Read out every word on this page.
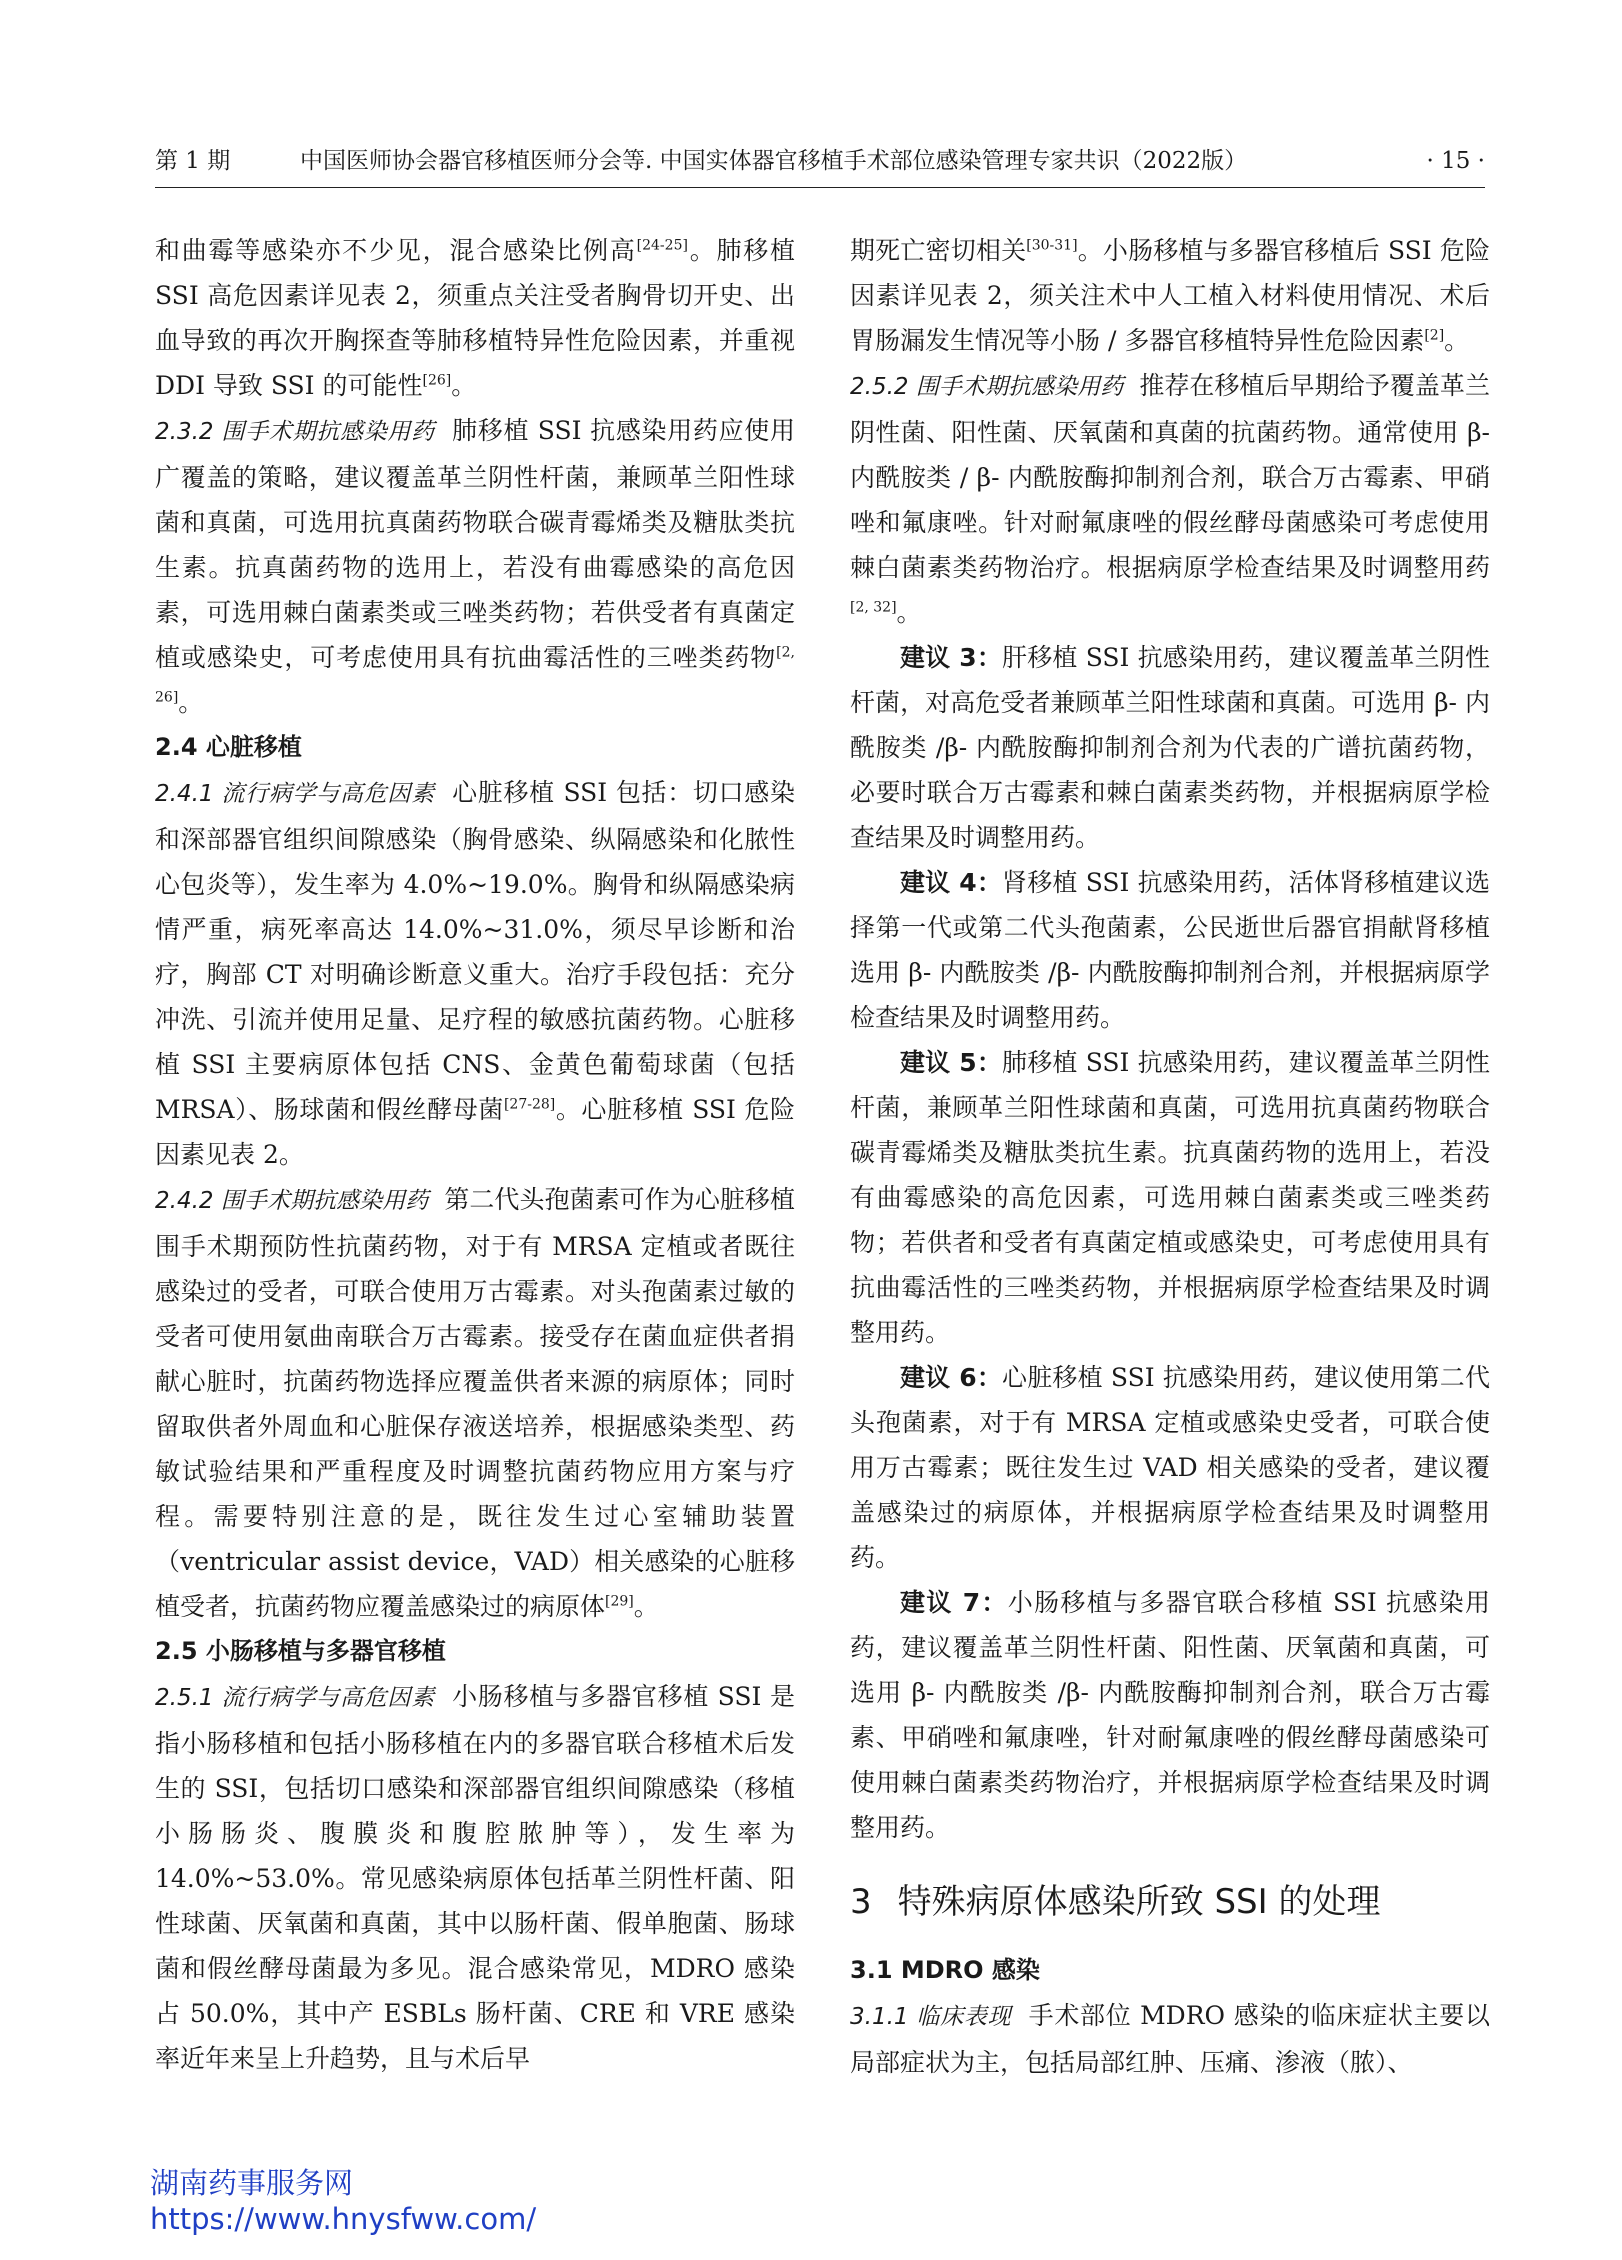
第 1 期	中国医师协会器官移植医师分会等. 中国实体器官移植手术部位感染管理专家共识（2022版）	· 15 ·

和曲霉等感染亦不少见，混合感染比例高[24-25]。肺移植 SSI 高危因素详见表 2，须重点关注受者胸骨切开史、出血导致的再次开胸探查等肺移植特异性危险因素，并重视 DDI 导致 SSI 的可能性[26]。

2.3.2 围手术期抗感染用药 肺移植 SSI 抗感染用药应使用广覆盖的策略，建议覆盖革兰阴性杆菌，兼顾革兰阳性球菌和真菌，可选用抗真菌药物联合碳青霉烯类及糖肽类抗生素。抗真菌药物的选用上，若没有曲霉感染的高危因素，可选用棘白菌素类或三唑类药物；若供受者有真菌定植或感染史，可考虑使用具有抗曲霉活性的三唑类药物[2, 26]。

2.4 心脏移植

2.4.1 流行病学与高危因素 心脏移植 SSI 包括：切口感染和深部器官组织间隙感染（胸骨感染、纵隔感染和化脓性心包炎等），发生率为 4.0%~19.0%。胸骨和纵隔感染病情严重，病死率高达 14.0%~31.0%，须尽早诊断和治疗，胸部 CT 对明确诊断意义重大。治疗手段包括：充分冲洗、引流并使用足量、足疗程的敏感抗菌药物。心脏移植 SSI 主要病原体包括 CNS、金黄色葡萄球菌（包括 MRSA）、肠球菌和假丝酵母菌[27-28]。心脏移植 SSI 危险因素见表 2。

2.4.2 围手术期抗感染用药 第二代头孢菌素可作为心脏移植围手术期预防性抗菌药物，对于有 MRSA 定植或者既往感染过的受者，可联合使用万古霉素。对头孢菌素过敏的受者可使用氨曲南联合万古霉素。接受存在菌血症供者捐献心脏时，抗菌药物选择应覆盖供者来源的病原体；同时留取供者外周血和心脏保存液送培养，根据感染类型、药敏试验结果和严重程度及时调整抗菌药物应用方案与疗程。需要特别注意的是，既往发生过心室辅助装置（ventricular assist device，VAD）相关感染的心脏移植受者，抗菌药物应覆盖感染过的病原体[29]。

2.5 小肠移植与多器官移植

2.5.1 流行病学与高危因素 小肠移植与多器官移植 SSI 是指小肠移植和包括小肠移植在内的多器官联合移植术后发生的 SSI，包括切口感染和深部器官组织间隙感染（移植小肠肠炎、腹膜炎和腹腔脓肿等），发生率为 14.0%~53.0%。常见感染病原体包括革兰阴性杆菌、阳性球菌、厌氧菌和真菌，其中以肠杆菌、假单胞菌、肠球菌和假丝酵母菌最为多见。混合感染常见，MDRO 感染占 50.0%，其中产 ESBLs 肠杆菌、CRE 和 VRE 感染率近年来呈上升趋势，且与术后早

期死亡密切相关[30-31]。小肠移植与多器官移植后 SSI 危险因素详见表 2，须关注术中人工植入材料使用情况、术后胃肠漏发生情况等小肠 / 多器官移植特异性危险因素[2]。

2.5.2 围手术期抗感染用药 推荐在移植后早期给予覆盖革兰阴性菌、阳性菌、厌氧菌和真菌的抗菌药物。通常使用 β- 内酰胺类 / β- 内酰胺酶抑制剂合剂，联合万古霉素、甲硝唑和氟康唑。针对耐氟康唑的假丝酵母菌感染可考虑使用棘白菌素类药物治疗。根据病原学检查结果及时调整用药[2, 32]。

建议 3：肝移植 SSI 抗感染用药，建议覆盖革兰阴性杆菌，对高危受者兼顾革兰阳性球菌和真菌。可选用 β- 内酰胺类 /β- 内酰胺酶抑制剂合剂为代表的广谱抗菌药物，必要时联合万古霉素和棘白菌素类药物，并根据病原学检查结果及时调整用药。

建议 4：肾移植 SSI 抗感染用药，活体肾移植建议选择第一代或第二代头孢菌素，公民逝世后器官捐献肾移植选用 β- 内酰胺类 /β- 内酰胺酶抑制剂合剂，并根据病原学检查结果及时调整用药。

建议 5：肺移植 SSI 抗感染用药，建议覆盖革兰阴性杆菌，兼顾革兰阳性球菌和真菌，可选用抗真菌药物联合碳青霉烯类及糖肽类抗生素。抗真菌药物的选用上，若没有曲霉感染的高危因素，可选用棘白菌素类或三唑类药物；若供者和受者有真菌定植或感染史，可考虑使用具有抗曲霉活性的三唑类药物，并根据病原学检查结果及时调整用药。

建议 6：心脏移植 SSI 抗感染用药，建议使用第二代头孢菌素，对于有 MRSA 定植或感染史受者，可联合使用万古霉素；既往发生过 VAD 相关感染的受者，建议覆盖感染过的病原体，并根据病原学检查结果及时调整用药。

建议 7：小肠移植与多器官联合移植 SSI 抗感染用药，建议覆盖革兰阴性杆菌、阳性菌、厌氧菌和真菌，可选用 β- 内酰胺类 /β- 内酰胺酶抑制剂合剂，联合万古霉素、甲硝唑和氟康唑，针对耐氟康唑的假丝酵母菌感染可使用棘白菌素类药物治疗，并根据病原学检查结果及时调整用药。

3 特殊病原体感染所致 SSI 的处理

3.1 MDRO 感染

3.1.1 临床表现 手术部位 MDRO 感染的临床症状主要以局部症状为主，包括局部红肿、压痛、渗液（脓）、

湖南药事服务网
https://www.hnysfww.com/
